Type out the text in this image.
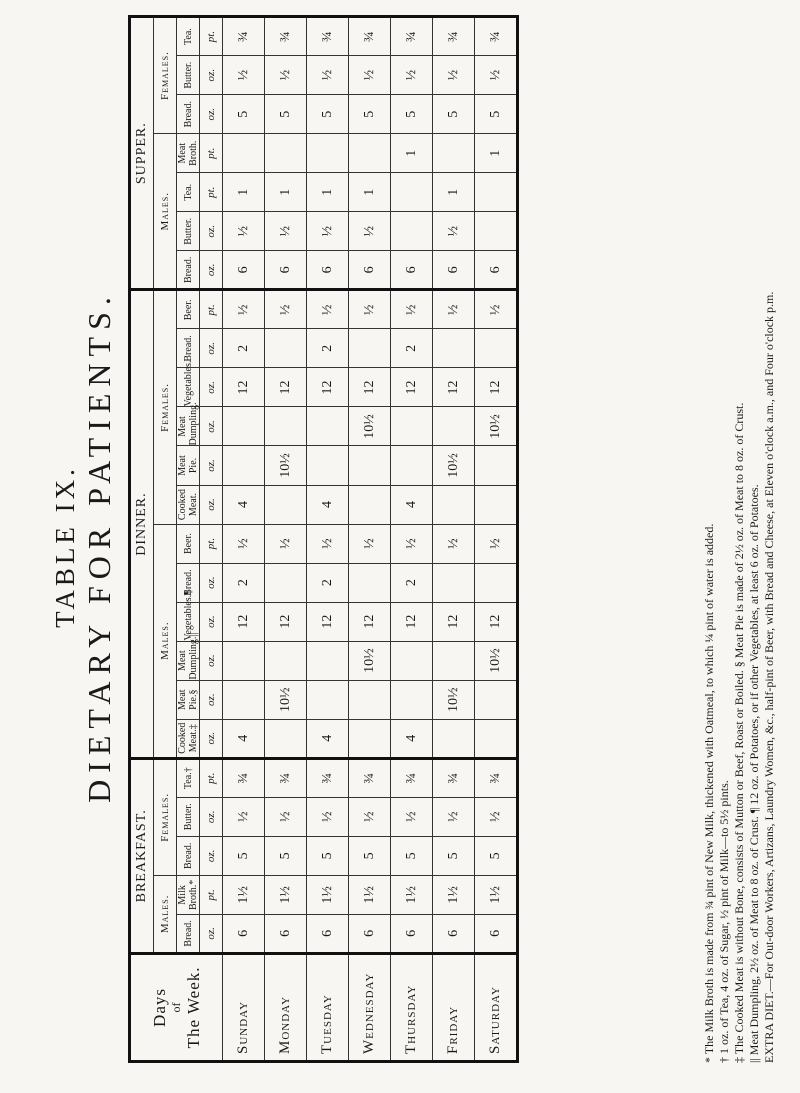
TABLE IX. DIETARY FOR PATIENTS.
Days of The Week.	BREAKFAST.					DINNER.												SUPPER.						
	Males.		Females.			Males.						Females.						Males.				Females.		
	Bread.	Milk Broth.*	Bread.	Butter.	Tea.†	Cooked Meat.‡	Meat Pie.§	Meat Dumpling.||	Vegetables.¶	Bread.	Beer.	Cooked Meat.	Meat Pie.	Meat Dumpling.	Vegetables.	Bread.	Beer.	Bread.	Butter.	Tea.	Meat Broth.	Bread.	Butter.	Tea.
	oz.	pt.	oz.	oz.	pt.	oz.	oz.	oz.	oz.	oz.	pt.	oz.	oz.	oz.	oz.	oz.	pt.	oz.	oz.	pt.	pt.	oz.	oz.	pt.
Sunday	6	1½	5	½	¾	4			12	2	½	4			12	2	½	6	½	1		5	½	¾
Monday	6	1½	5	½	¾		10½		12		½		10½		12		½	6	½	1		5	½	¾
Tuesday	6	1½	5	½	¾	4			12	2	½	4			12	2	½	6	½	1		5	½	¾
Wednesday	6	1½	5	½	¾			10½	12		½			10½	12		½	6	½	1		5	½	¾
Thursday	6	1½	5	½	¾	4			12	2	½	4			12	2	½	6			1	5	½	¾
Friday	6	1½	5	½	¾		10½		12		½		10½		12		½	6	½	1		5	½	¾
Saturday	6	1½	5	½	¾			10½	12		½			10½	12		½	6			1	5	½	¾
* The Milk Broth is made from ¾ pint of New Milk, thickened with Oatmeal, to which ¼ pint of water is added. † 1 oz. of Tea, 4 oz. of Sugar, ½ pint of Milk—to 5½ pints. ‡ The Cooked Meat is without Bone, consists of Mutton or Beef, Roast or Boiled. § Meat Pie is made of 2½ oz. of Meat to 8 oz. of Crust. || Meat Dumpling, 2½ oz. of Meat to 8 oz. of Crust. ¶ 12 oz. of Potatoes, or if other Vegetables, at least 6 oz. of Potatoes. EXTRA DIET.—For Out-door Workers, Artizans, Laundry Women, &c., half-pint of Beer, with Bread and Cheese, at Eleven o'clock a.m., and Four o'clock p.m.
